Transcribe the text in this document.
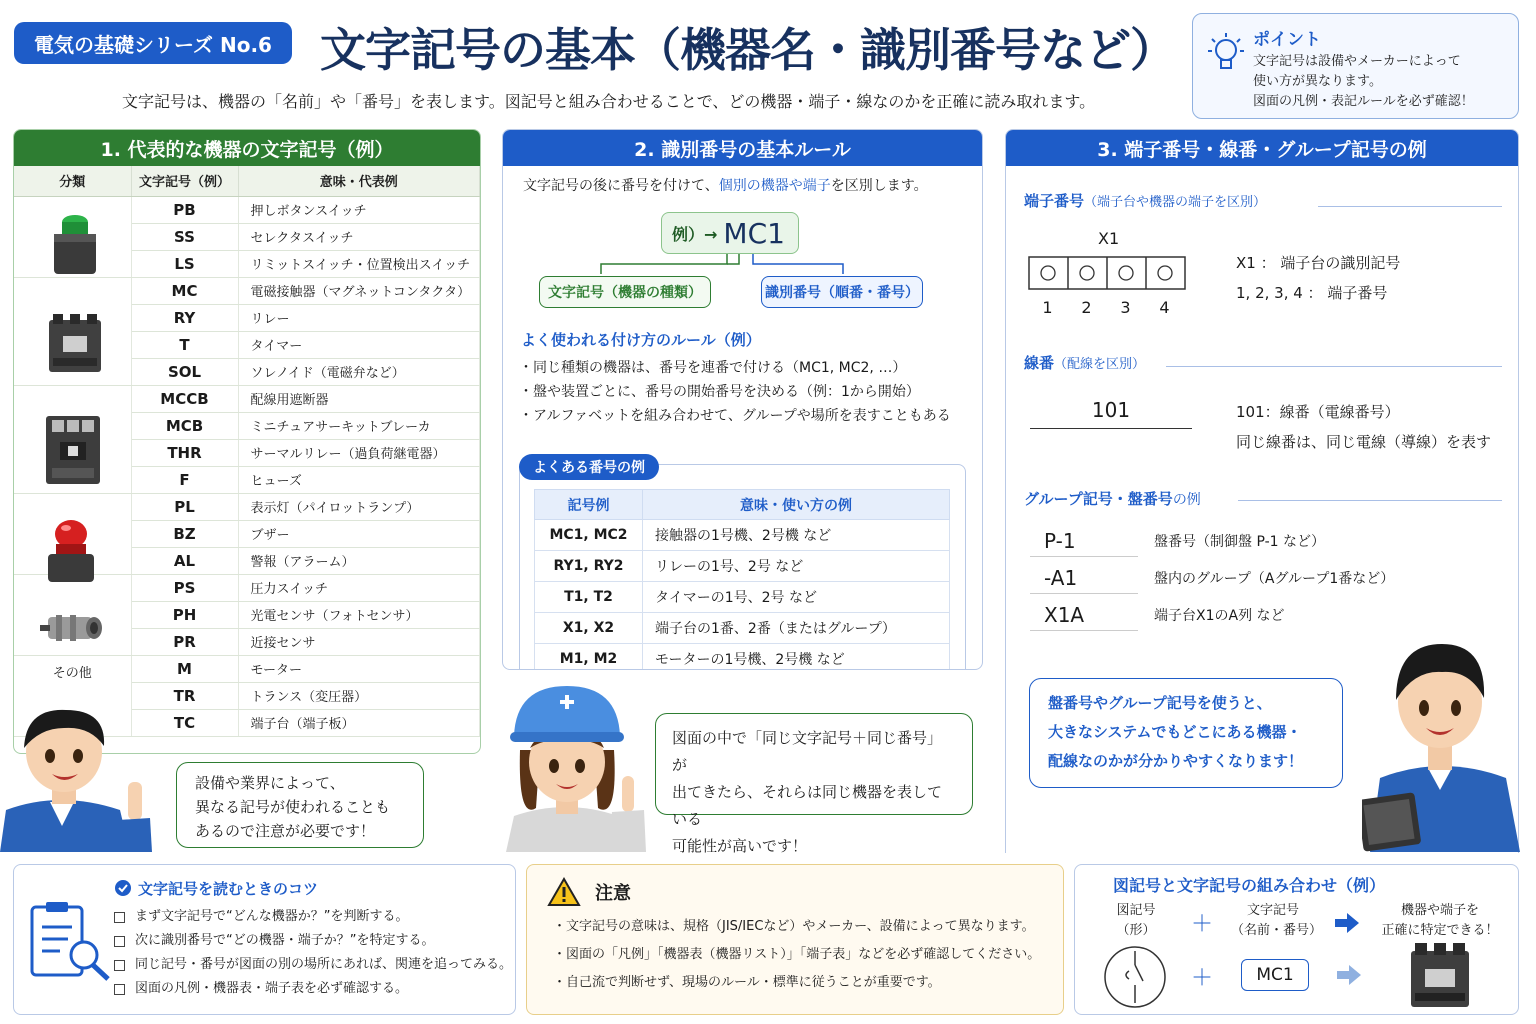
電気の基礎シリーズ No.6	文字記号の基本（機器名・識別番号など）
文字記号は、機器の「名前」や「番号」を表します。図記号と組み合わせることで、どの機器・端子・線なのかを正確に読み取れます。
ポイント
文字記号は設備やメーカーによって
使い方が異なります。
図面の凡例・表記ルールを必ず確認！
1. 代表的な機器の文字記号（例）
分類	文字記号（例）	意味・代表例
	PB	押しボタンスイッチ
	SS	セレクタスイッチ
	LS	リミットスイッチ・位置検出スイッチ
	MC	電磁接触器（マグネットコンタクタ）
	RY	リレー
	T	タイマー
	SOL	ソレノイド（電磁弁など）
	MCCB	配線用遮断器
	MCB	ミニチュアサーキットブレーカ
	THR	サーマルリレー（過負荷継電器）
	F	ヒューズ
	PL	表示灯（パイロットランプ）
	BZ	ブザー
	AL	警報（アラーム）
	PS	圧力スイッチ
	PH	光電センサ（フォトセンサ）
	PR	近接センサ
その他	M	モーター
	TR	トランス（変圧器）
	TC	端子台（端子板）
設備や業界によって、
異なる記号が使われることも
あるので注意が必要です！
2. 識別番号の基本ルール
文字記号の後に番号を付けて、個別の機器や端子を区別します。
例）→ MC1
文字記号（機器の種類）	識別番号（順番・番号）
よく使われる付け方のルール（例）
・同じ種類の機器は、番号を連番で付ける（MC1, MC2, …）
・盤や装置ごとに、番号の開始番号を決める（例：1から開始）
・アルファベットを組み合わせて、グループや場所を表すこともある
記号例	意味・使い方の例
MC1, MC2	接触器の1号機、2号機 など
RY1, RY2	リレーの1号、2号 など
T1, T2	タイマーの1号、2号 など
X1, X2	端子台の1番、2番（またはグループ）
M1, M2	モーターの1号機、2号機 など
よくある番号の例
図面の中で「同じ文字記号＋同じ番号」が
出てきたら、それらは同じ機器を表している
可能性が高いです！
3. 端子番号・線番・グループ記号の例
端子番号（端子台や機器の端子を区別）
X1
1	2	3	4
X1 ： 端子台の識別記号
1, 2, 3, 4 ： 端子番号
線番（配線を区別）
101	101：線番（電線番号）
同じ線番は、同じ電線（導線）を表す
グループ記号・盤番号の例
P-1	盤番号（制御盤 P-1 など）
-A1	盤内のグループ（Aグループ1番など）
X1A	端子台X1のA列 など
盤番号やグループ記号を使うと、
大きなシステムでもどこにある機器・
配線なのかが分かりやすくなります！
文字記号を読むときのコツ
まず文字記号で“どんな機器か？”を判断する。
次に識別番号で“どの機器・端子か？”を特定する。
同じ記号・番号が図面の別の場所にあれば、関連を追ってみる。
図面の凡例・機器表・端子表を必ず確認する。
注意
・文字記号の意味は、規格（JIS/IECなど）やメーカー、設備によって異なります。
・図面の「凡例」「機器表（機器リスト）」「端子表」などを必ず確認してください。
・自己流で判断せず、現場のルール・標準に従うことが重要です。
図記号と文字記号の組み合わせ（例）
図記号
（形）	＋
文字記号
（名前・番号）
機器や端子を
正確に特定できる！
＋	MC1
